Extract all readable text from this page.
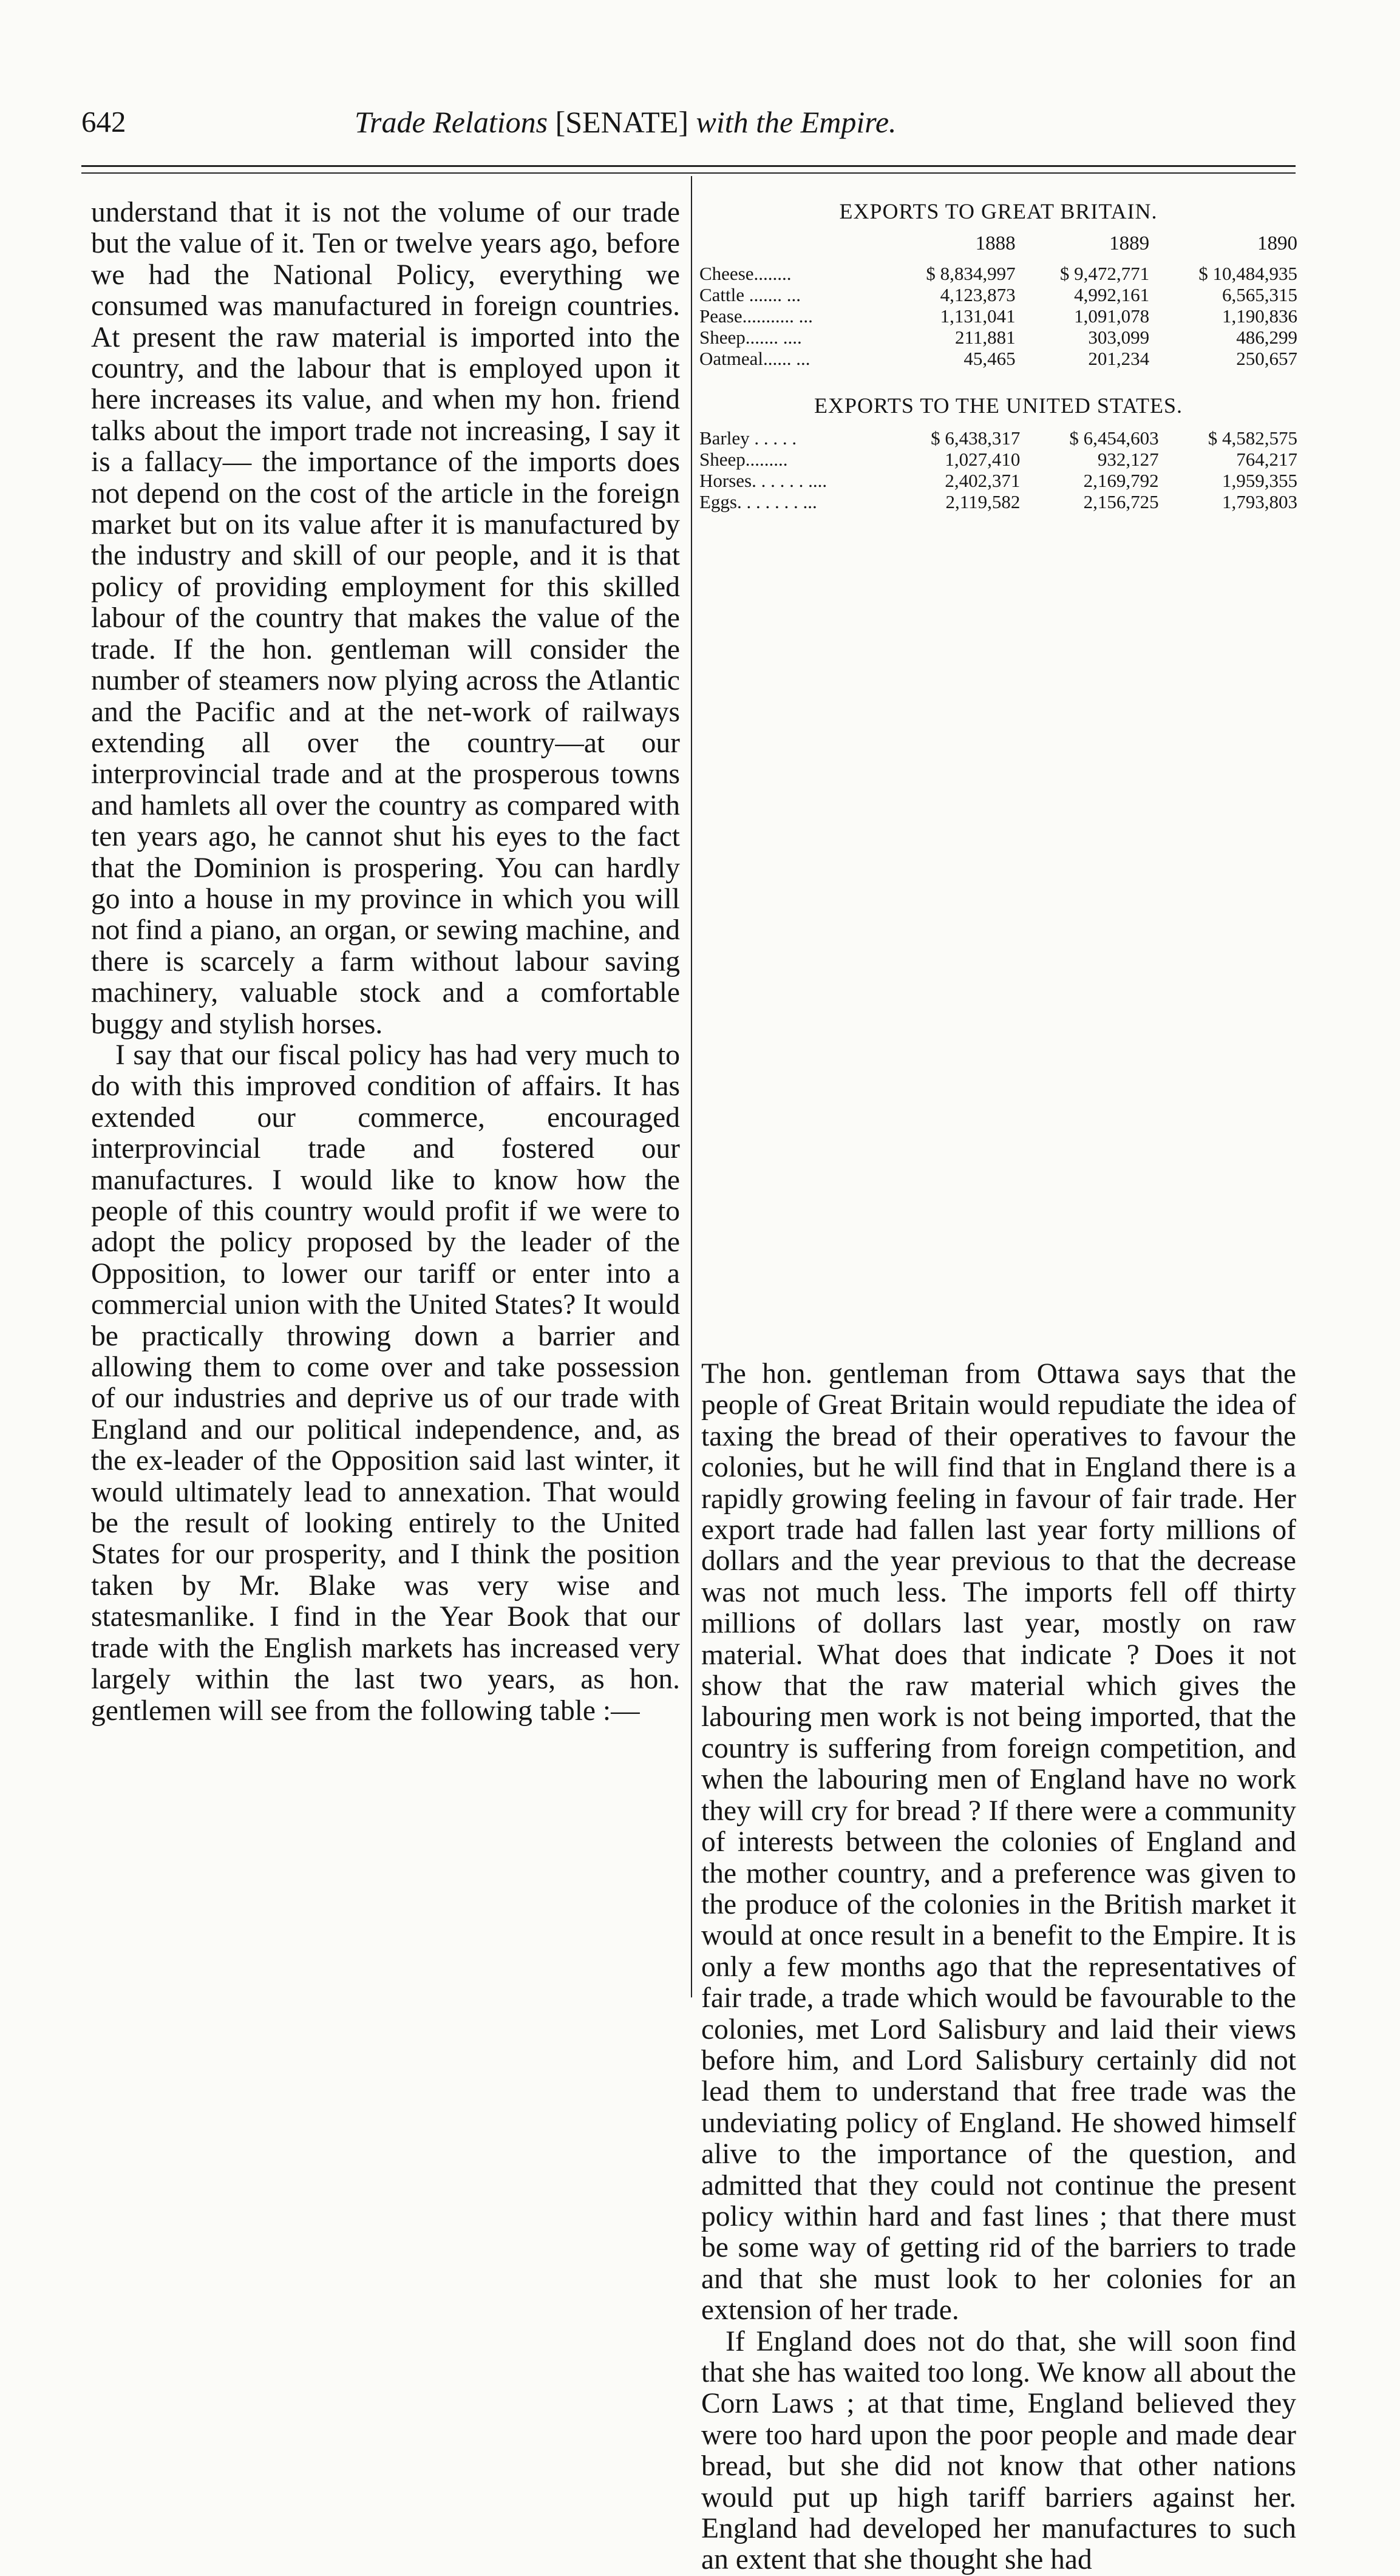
642	Trade Relations [SENATE] with the Empire.

understand that it is not the volume of our trade but the value of it. Ten or twelve years ago, before we had the National Policy, everything we consumed was manufactured in foreign countries. At present the raw material is imported into the country, and the labour that is employed upon it here increases its value, and when my hon. friend talks about the import trade not increasing, I say it is a fallacy— the importance of the imports does not depend on the cost of the article in the foreign market but on its value after it is manufactured by the industry and skill of our people, and it is that policy of providing employment for this skilled labour of the country that makes the value of the trade. If the hon. gentleman will consider the number of steamers now plying across the Atlantic and the Pacific and at the net-work of railways extending all over the country—at our interprovincial trade and at the prosperous towns and hamlets all over the country as compared with ten years ago, he cannot shut his eyes to the fact that the Dominion is prospering. You can hardly go into a house in my province in which you will not find a piano, an organ, or sewing machine, and there is scarcely a farm without labour saving machinery, valuable stock and a comfortable buggy and stylish horses.

I say that our fiscal policy has had very much to do with this improved condition of affairs. It has extended our commerce, encouraged interprovincial trade and fostered our manufactures. I would like to know how the people of this country would profit if we were to adopt the policy proposed by the leader of the Opposition, to lower our tariff or enter into a commercial union with the United States? It would be practically throwing down a barrier and allowing them to come over and take possession of our industries and deprive us of our trade with England and our political independence, and, as the ex-leader of the Opposition said last winter, it would ultimately lead to annexation. That would be the result of looking entirely to the United States for our prosperity, and I think the position taken by Mr. Blake was very wise and statesmanlike. I find in the Year Book that our trade with the English markets has increased very largely within the last two years, as hon. gentlemen will see from the following table :—

EXPORTS TO GREAT BRITAIN.
	1888	1889	1890
Cheese........	$ 8,834,997	$ 9,472,771	$ 10,484,935
Cattle ....... ...	4,123,873	4,992,161	6,565,315
Pease........... ...	1,131,041	1,091,078	1,190,836
Sheep....... ....	211,881	303,099	486,299
Oatmeal...... ...	45,465	201,234	250,657
EXPORTS TO THE UNITED STATES.
Barley . . . . .	$ 6,438,317	$ 6,454,603	$ 4,582,575
Sheep.........	1,027,410	932,127	764,217
Horses. . . . . . ....	2,402,371	2,169,792	1,959,355
Eggs. . . . . . . ...	2,119,582	2,156,725	1,793,803

The hon. gentleman from Ottawa says that the people of Great Britain would repudiate the idea of taxing the bread of their operatives to favour the colonies, but he will find that in England there is a rapidly growing feeling in favour of fair trade. Her export trade had fallen last year forty millions of dollars and the year previous to that the decrease was not much less. The imports fell off thirty millions of dollars last year, mostly on raw material. What does that indicate ? Does it not show that the raw material which gives the labouring men work is not being imported, that the country is suffering from foreign competition, and when the labouring men of England have no work they will cry for bread ? If there were a community of interests between the colonies of England and the mother country, and a preference was given to the produce of the colonies in the British market it would at once result in a benefit to the Empire. It is only a few months ago that the representatives of fair trade, a trade which would be favourable to the colonies, met Lord Salisbury and laid their views before him, and Lord Salisbury certainly did not lead them to understand that free trade was the undeviating policy of England. He showed himself alive to the importance of the question, and admitted that they could not continue the present policy within hard and fast lines ; that there must be some way of getting rid of the barriers to trade and that she must look to her colonies for an extension of her trade.

If England does not do that, she will soon find that she has waited too long. We know all about the Corn Laws ; at that time, England believed they were too hard upon the poor people and made dear bread, but she did not know that other nations would put up high tariff barriers against her. England had developed her manufactures to such an extent that she thought she had
